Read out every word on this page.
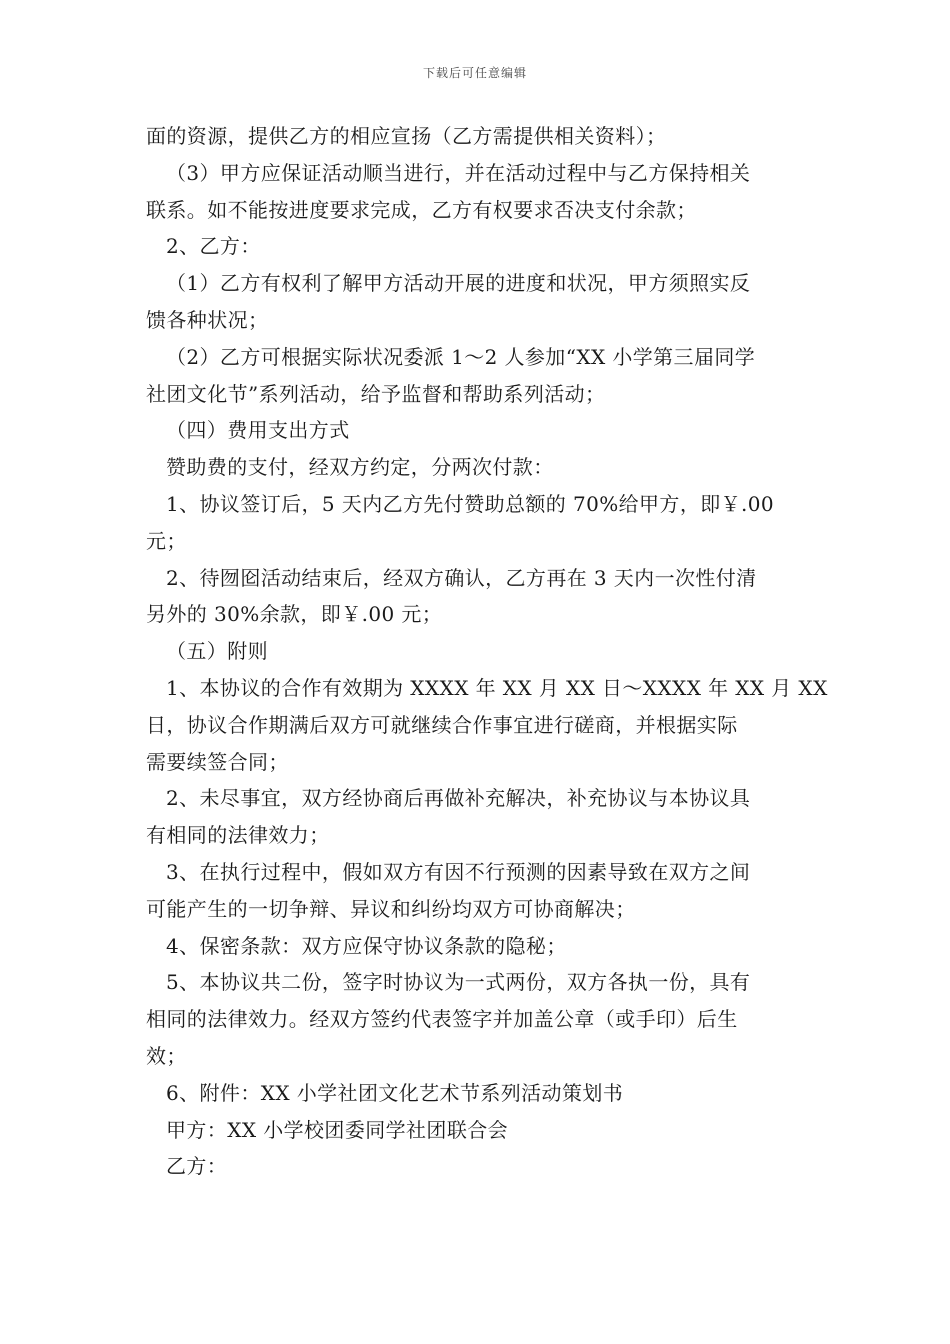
下载后可任意编辑
面的资源，提供乙方的相应宣扬（乙方需提供相关资料）；
（3）甲方应保证活动顺当进行，并在活动过程中与乙方保持相关
联系。如不能按进度要求完成，乙方有权要求否决支付余款；
2、乙方：
（1）乙方有权利了解甲方活动开展的进度和状况，甲方须照实反
馈各种状况；
（2）乙方可根据实际状况委派 1～2 人参加“XX 小学第三届同学
社团文化节”系列活动，给予监督和帮助系列活动；
（四）费用支出方式
赞助费的支付，经双方约定，分两次付款：
1、协议签订后，5 天内乙方先付赞助总额的 70%给甲方，即￥.00
元；
2、待囫囵活动结束后，经双方确认，乙方再在 3 天内一次性付清
另外的 30%余款，即￥.00 元；
（五）附则
1、本协议的合作有效期为 XXXX 年 XX 月 XX 日～XXXX 年 XX 月 XX
日，协议合作期满后双方可就继续合作事宜进行磋商，并根据实际
需要续签合同；
2、未尽事宜，双方经协商后再做补充解决，补充协议与本协议具
有相同的法律效力；
3、在执行过程中，假如双方有因不行预测的因素导致在双方之间
可能产生的一切争辩、异议和纠纷均双方可协商解决；
4、保密条款：双方应保守协议条款的隐秘；
5、本协议共二份，签字时协议为一式两份，双方各执一份，具有
相同的法律效力。经双方签约代表签字并加盖公章（或手印）后生
效；
6、附件：XX 小学社团文化艺术节系列活动策划书
甲方：XX 小学校团委同学社团联合会
乙方：
